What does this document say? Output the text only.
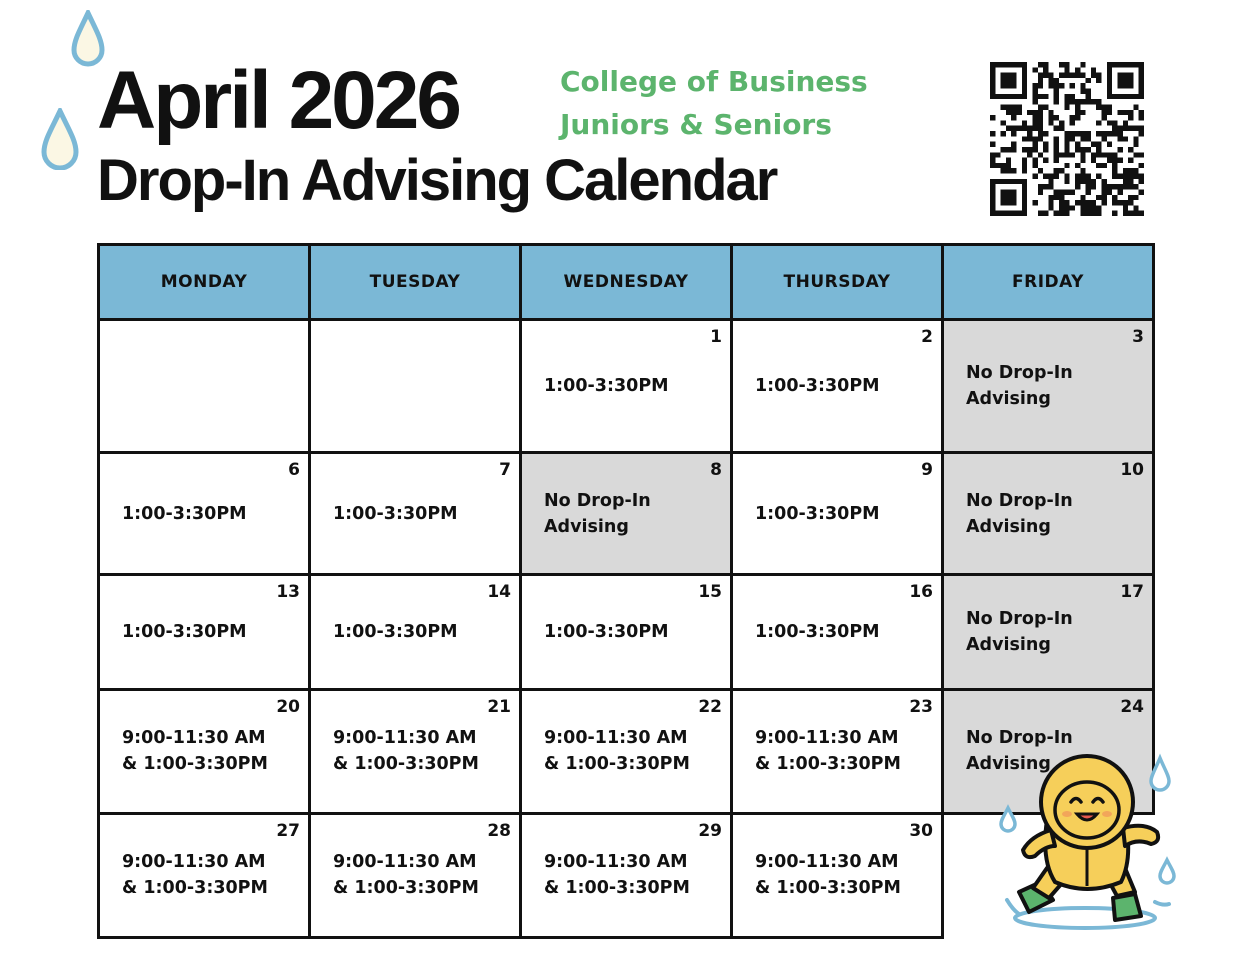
April 2026
Drop-In Advising Calendar
College of Business
Juniors & Seniors
MONDAY	TUESDAY	WEDNESDAY	THURSDAY	FRIDAY

		1
1:00-3:30PM	2
1:00-3:30PM	3
No Drop-In
Advising

6
1:00-3:30PM	7
1:00-3:30PM	8
No Drop-In
Advising	9
1:00-3:30PM	10
No Drop-In
Advising

13
1:00-3:30PM	14
1:00-3:30PM	15
1:00-3:30PM	16
1:00-3:30PM	17
No Drop-In
Advising

20
9:00-11:30 AM
& 1:00-3:30PM	21
9:00-11:30 AM
& 1:00-3:30PM	22
9:00-11:30 AM
& 1:00-3:30PM	23
9:00-11:30 AM
& 1:00-3:30PM	24
No Drop-In
Advising

27
9:00-11:30 AM
& 1:00-3:30PM	28
9:00-11:30 AM
& 1:00-3:30PM	29
9:00-11:30 AM
& 1:00-3:30PM	30
9:00-11:30 AM
& 1:00-3:30PM	
